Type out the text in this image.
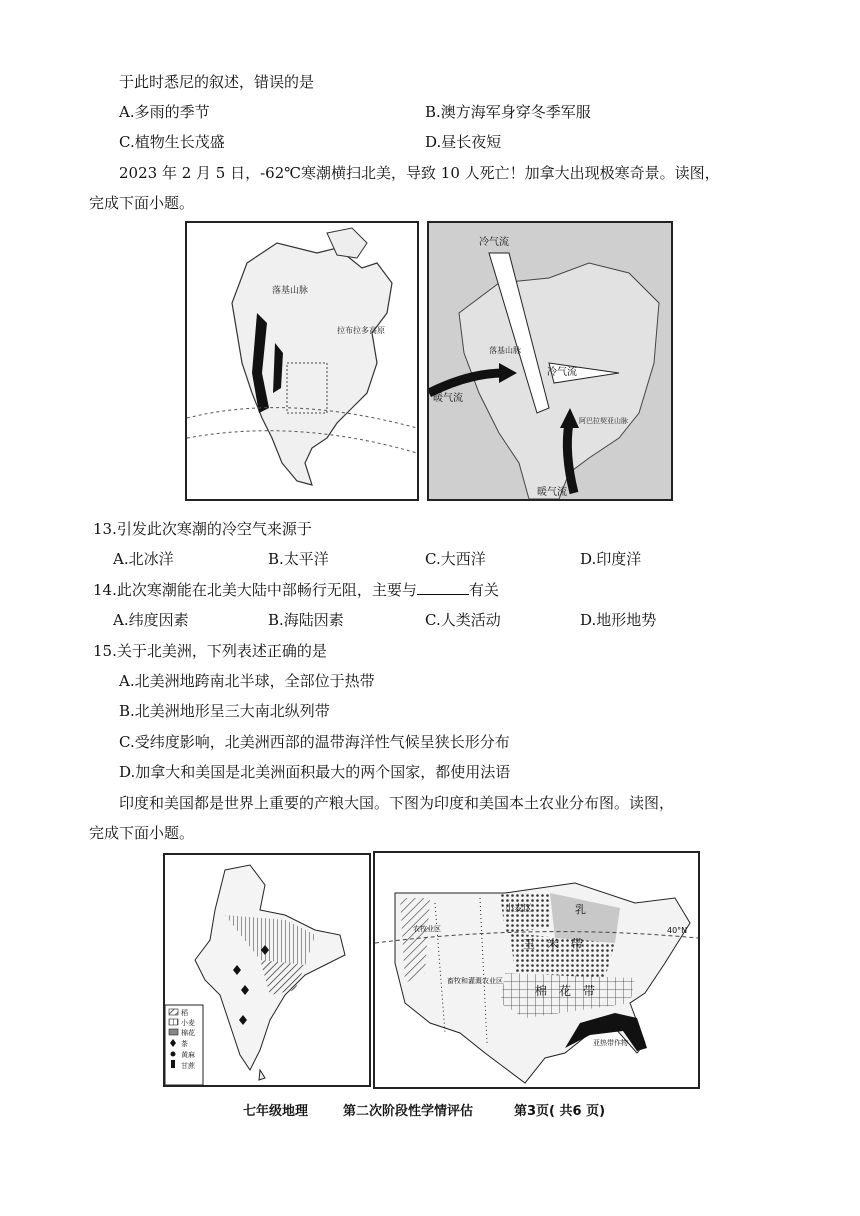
于此时悉尼的叙述，错误的是
A.多雨的季节	B.澳方海军身穿冬季军服
C.植物生长茂盛	D.昼长夜短
2023 年 2 月 5 日，-62℃寒潮横扫北美，导致 10 人死亡！加拿大出现极寒奇景。读图，
完成下面小题。
落基山脉
拉布拉多高原
冷气流
冷气流
暖气流
暖气流
落基山脉
阿巴拉契亚山脉
13.引发此次寒潮的冷空气来源于
A.北冰洋	B.太平洋	C.大西洋	D.印度洋
14.此次寒潮能在北美大陆中部畅行无阻，主要与	有关
A.纬度因素	B.海陆因素	C.人类活动	D.地形地势
15.关于北美洲，下列表述正确的是
A.北美洲地跨南北半球，全部位于热带
B.北美洲地形呈三大南北纵列带
C.受纬度影响，北美洲西部的温带海洋性气候呈狭长形分布
D.加拿大和美国是北美洲面积最大的两个国家，都使用法语
印度和美国都是世界上重要的产粮大国。下图为印度和美国本土农业分布图。读图，
完成下面小题。
稻
小麦
棉花
茶
黄麻
甘蔗
小麦区	乳
玉 米 带
棉 花 带
亚热带作物
农牧业区
畜牧和灌溉农业区
40°N
七年级地理	第二次阶段性学情评估	第3页( 共6 页)
